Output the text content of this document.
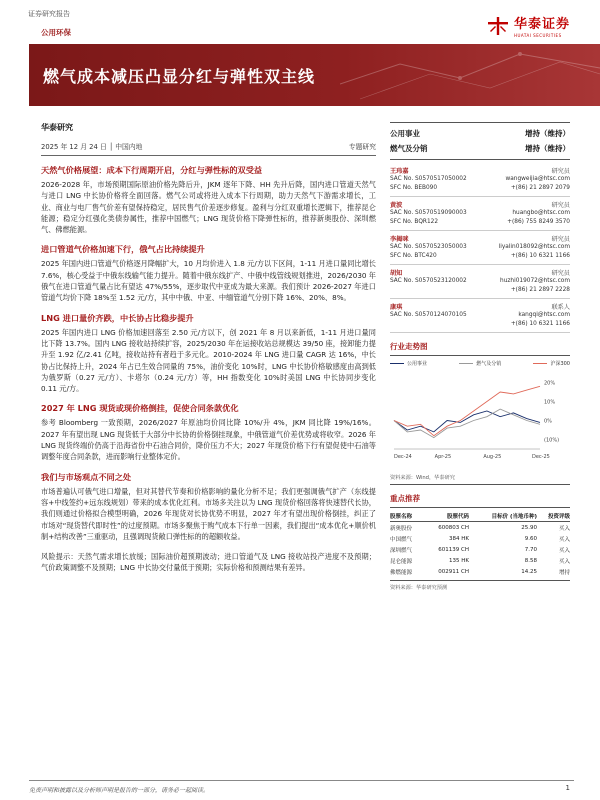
证券研究报告
公用环保
华泰证券
HUATAI SECURITIES
燃气成本减压凸显分红与弹性双主线
华泰研究
2025 年 12 月 24 日 │ 中国内地	专题研究
天然气价格展望：成本下行周期开启，分红与弹性标的双受益
2026-2028 年，市场预期国际原油价格先降后升，JKM 逐年下降、HH 先升后降，国内进口管道天然气与进口 LNG 中长协价格将全面回落。燃气公司或将进入成本下行周期，助力天然气下游需求增长，工业、商业与电厂售气价差有望保持稳定，居民售气价差逐步修复。盈利与分红双重增长逻辑下，推荐昆仑能源；稳定分红强化类债券属性，推荐中国燃气；LNG 现货价格下降弹性标的，推荐新奥股份、深圳燃气、佛燃能源。
进口管道气价格加速下行，俄气占比持续提升
2025 年国内进口管道气价格逐月降幅扩大，10 月均价进入 1.8 元/方以下区间，1-11 月进口量同比增长 7.6%，核心受益于中俄东线输气能力提升。随着中俄东线扩产、中俄中线管线规划推进，2026/2030 年俄气在进口管道气量占比有望达 47%/55%，逐步取代中亚成为最大来源。我们预计 2026-2027 年进口管道气均价下降 18%至 1.52 元/方，其中中俄、中亚、中缅管道气分别下降 16%、20%、8%。
LNG 进口量价齐跌，中长协占比稳步提升
2025 年国内进口 LNG 价格加速回落至 2.50 元/方以下，创 2021 年 8 月以来新低，1-11 月进口量同比下降 13.7%。国内 LNG 接收站持续扩容，2025/2030 年在运接收站总规模达 39/50 座，接卸能力提升至 1.92 亿/2.41 亿吨，接收站持有者趋于多元化。2010-2024 年 LNG 进口量 CAGR 达 16%，中长协占比保持上升，2024 年占已生效合同量的 75%，油价变化 10%时，LNG 中长协价格敏感度由高到低为俄罗斯（0.27 元/方）、卡塔尔（0.24 元/方）等，HH 指数变化 10%时美国 LNG 中长协同步变化 0.11 元/方。
2027 年 LNG 现货或现价格倒挂，促使合同条款优化
参考 Bloomberg 一致预期，2026/2027 年原油均价同比降 10%/升 4%，JKM 同比降 19%/16%。2027 年有望出现 LNG 现货低于大部分中长协的价格倒挂现象，中俄管道气价差优势或将收窄。2026 年 LNG 现货终端价仍高于沿海省份中石油合同价，降价压力不大；2027 年现货价格下行有望促使中石油等调整年度合同条款，进而影响行业整体定价。
我们与市场观点不同之处
市场普遍认可俄气进口增量，但对其替代节奏和价格影响的量化分析不足；我们更强调俄气扩产（东线提容+中线签约+远东线规划）带来的成本优化红利。市场多关注以为 LNG 现货价格回落将快速替代长协，我们则通过价格拟合模型明确，2026 年现货对长协优势不明显，2027 年才有望出现价格倒挂，纠正了市场对“现货替代即时性”的过度预期。市场多聚焦于购气成本下行单一因素，我们提出“成本优化+顺价机制+结构改善”三重驱动，且强调现货敞口弹性标的的超额收益。
风险提示：天然气需求增长放缓；国际油价超预期波动；进口管道气及 LNG 接收站投产进度不及预期；气价政策调整不及预期；LNG 中长协交付量低于预期；实际价格和预测结果有差异。
公用事业	增持（维持）
燃气及分销	增持（维持）
王玮嘉	研究员
SAC No. S0570517050002	wangweijia@htsc.com
SFC No. BEB090	+(86) 21 2897 2079
黄波	研究员
SAC No. S0570519090003	huangbo@htsc.com
SFC No. BQR122	+(86) 755 8249 3570
李揭咪	研究员
SAC No. S0570523050003	liyalin018092@htsc.com
SFC No. BTC420	+(86) 10 6321 1166
胡知	研究员
SAC No. S0570523120002	huzhi019072@htsc.com
+(86) 21 2897 2228
康琪	联系人
SAC No. S0570124070105	kangqi@htsc.com
+(86) 10 6321 1166
行业走势图
公用事业	燃气及分销	沪深300
20%
10%
0%
(10%)
Dec-24	Apr-25	Aug-25	Dec-25
资料来源：Wind，华泰研究
重点推荐
股票名称	股票代码	目标价 (当地币种)	投资评级
新奥股份	600803 CH	25.90	买入
中国燃气	384 HK	9.60	买入
深圳燃气	601139 CH	7.70	买入
昆仑能源	135 HK	8.58	买入
佛燃能源	002911 CH	14.25	增持
资料来源：华泰研究预测
免责声明和披露以及分析师声明是报告的一部分，请务必一起阅读。	1
